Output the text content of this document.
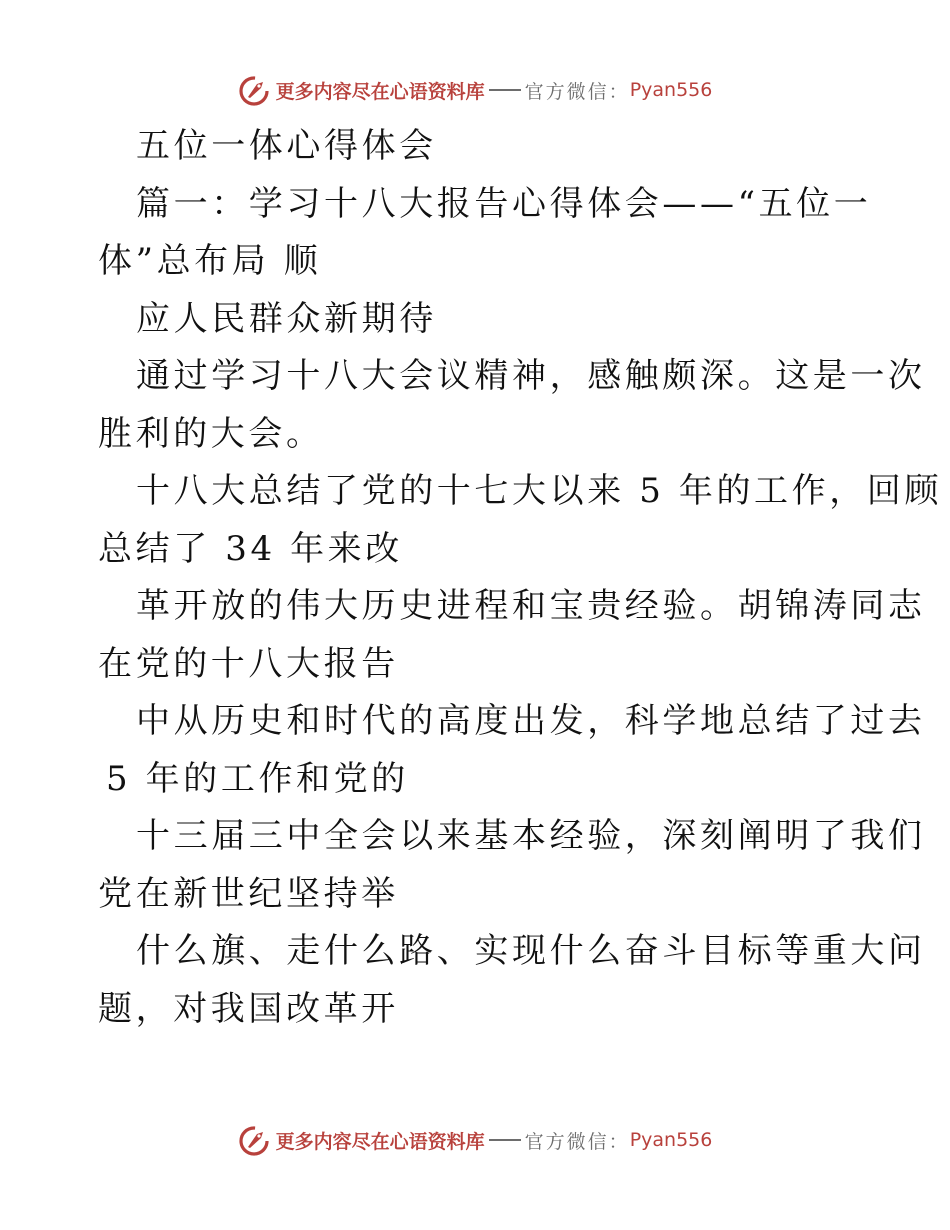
更多内容尽在心语资料库 官方微信： Pyan556
五位一体心得体会
篇一：学习十八大报告心得体会——“五位一
体”总布局 顺
应人民群众新期待
通过学习十八大会议精神，感触颇深。这是一次
胜利的大会。
十八大总结了党的十七大以来 5 年的工作，回顾
总结了 34 年来改
革开放的伟大历史进程和宝贵经验。胡锦涛同志
在党的十八大报告
中从历史和时代的高度出发，科学地总结了过去
5 年的工作和党的
十三届三中全会以来基本经验，深刻阐明了我们
党在新世纪坚持举
什么旗、走什么路、实现什么奋斗目标等重大问
题，对我国改革开
更多内容尽在心语资料库 官方微信： Pyan556
